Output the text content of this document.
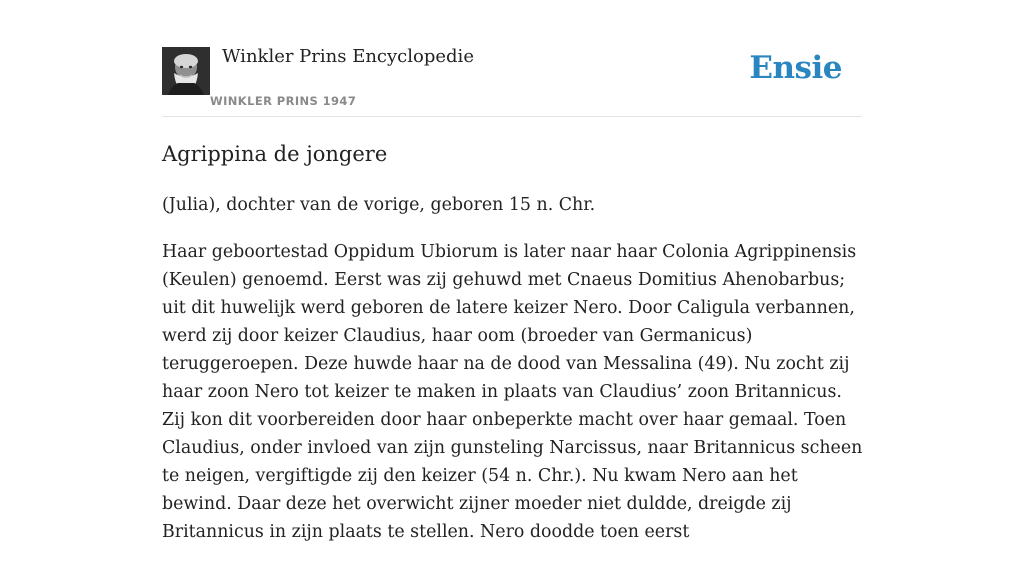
Winkler Prins Encyclopedie
WINKLER PRINS 1947
Ensie
Agrippina de jongere

(Julia), dochter van de vorige, geboren 15 n. Chr.

Haar geboortestad Oppidum Ubiorum is later naar haar Colonia Agrippinensis (Keulen) genoemd. Eerst was zij gehuwd met Cnaeus Domitius Ahenobarbus; uit dit huwelijk werd geboren de latere keizer Nero. Door Caligula verbannen, werd zij door keizer Claudius, haar oom (broeder van Germanicus) teruggeroepen. Deze huwde haar na de dood van Messalina (49). Nu zocht zij haar zoon Nero tot keizer te maken in plaats van Claudius’ zoon Britannicus. Zij kon dit voorbereiden door haar onbeperkte macht over haar gemaal. Toen Claudius, onder invloed van zijn gunsteling Narcissus, naar Britannicus scheen te neigen, vergiftigde zij den keizer (54 n. Chr.). Nu kwam Nero aan het bewind. Daar deze het overwicht zijner moeder niet duldde, dreigde zij Britannicus in zijn plaats te stellen. Nero doodde toen eerst
